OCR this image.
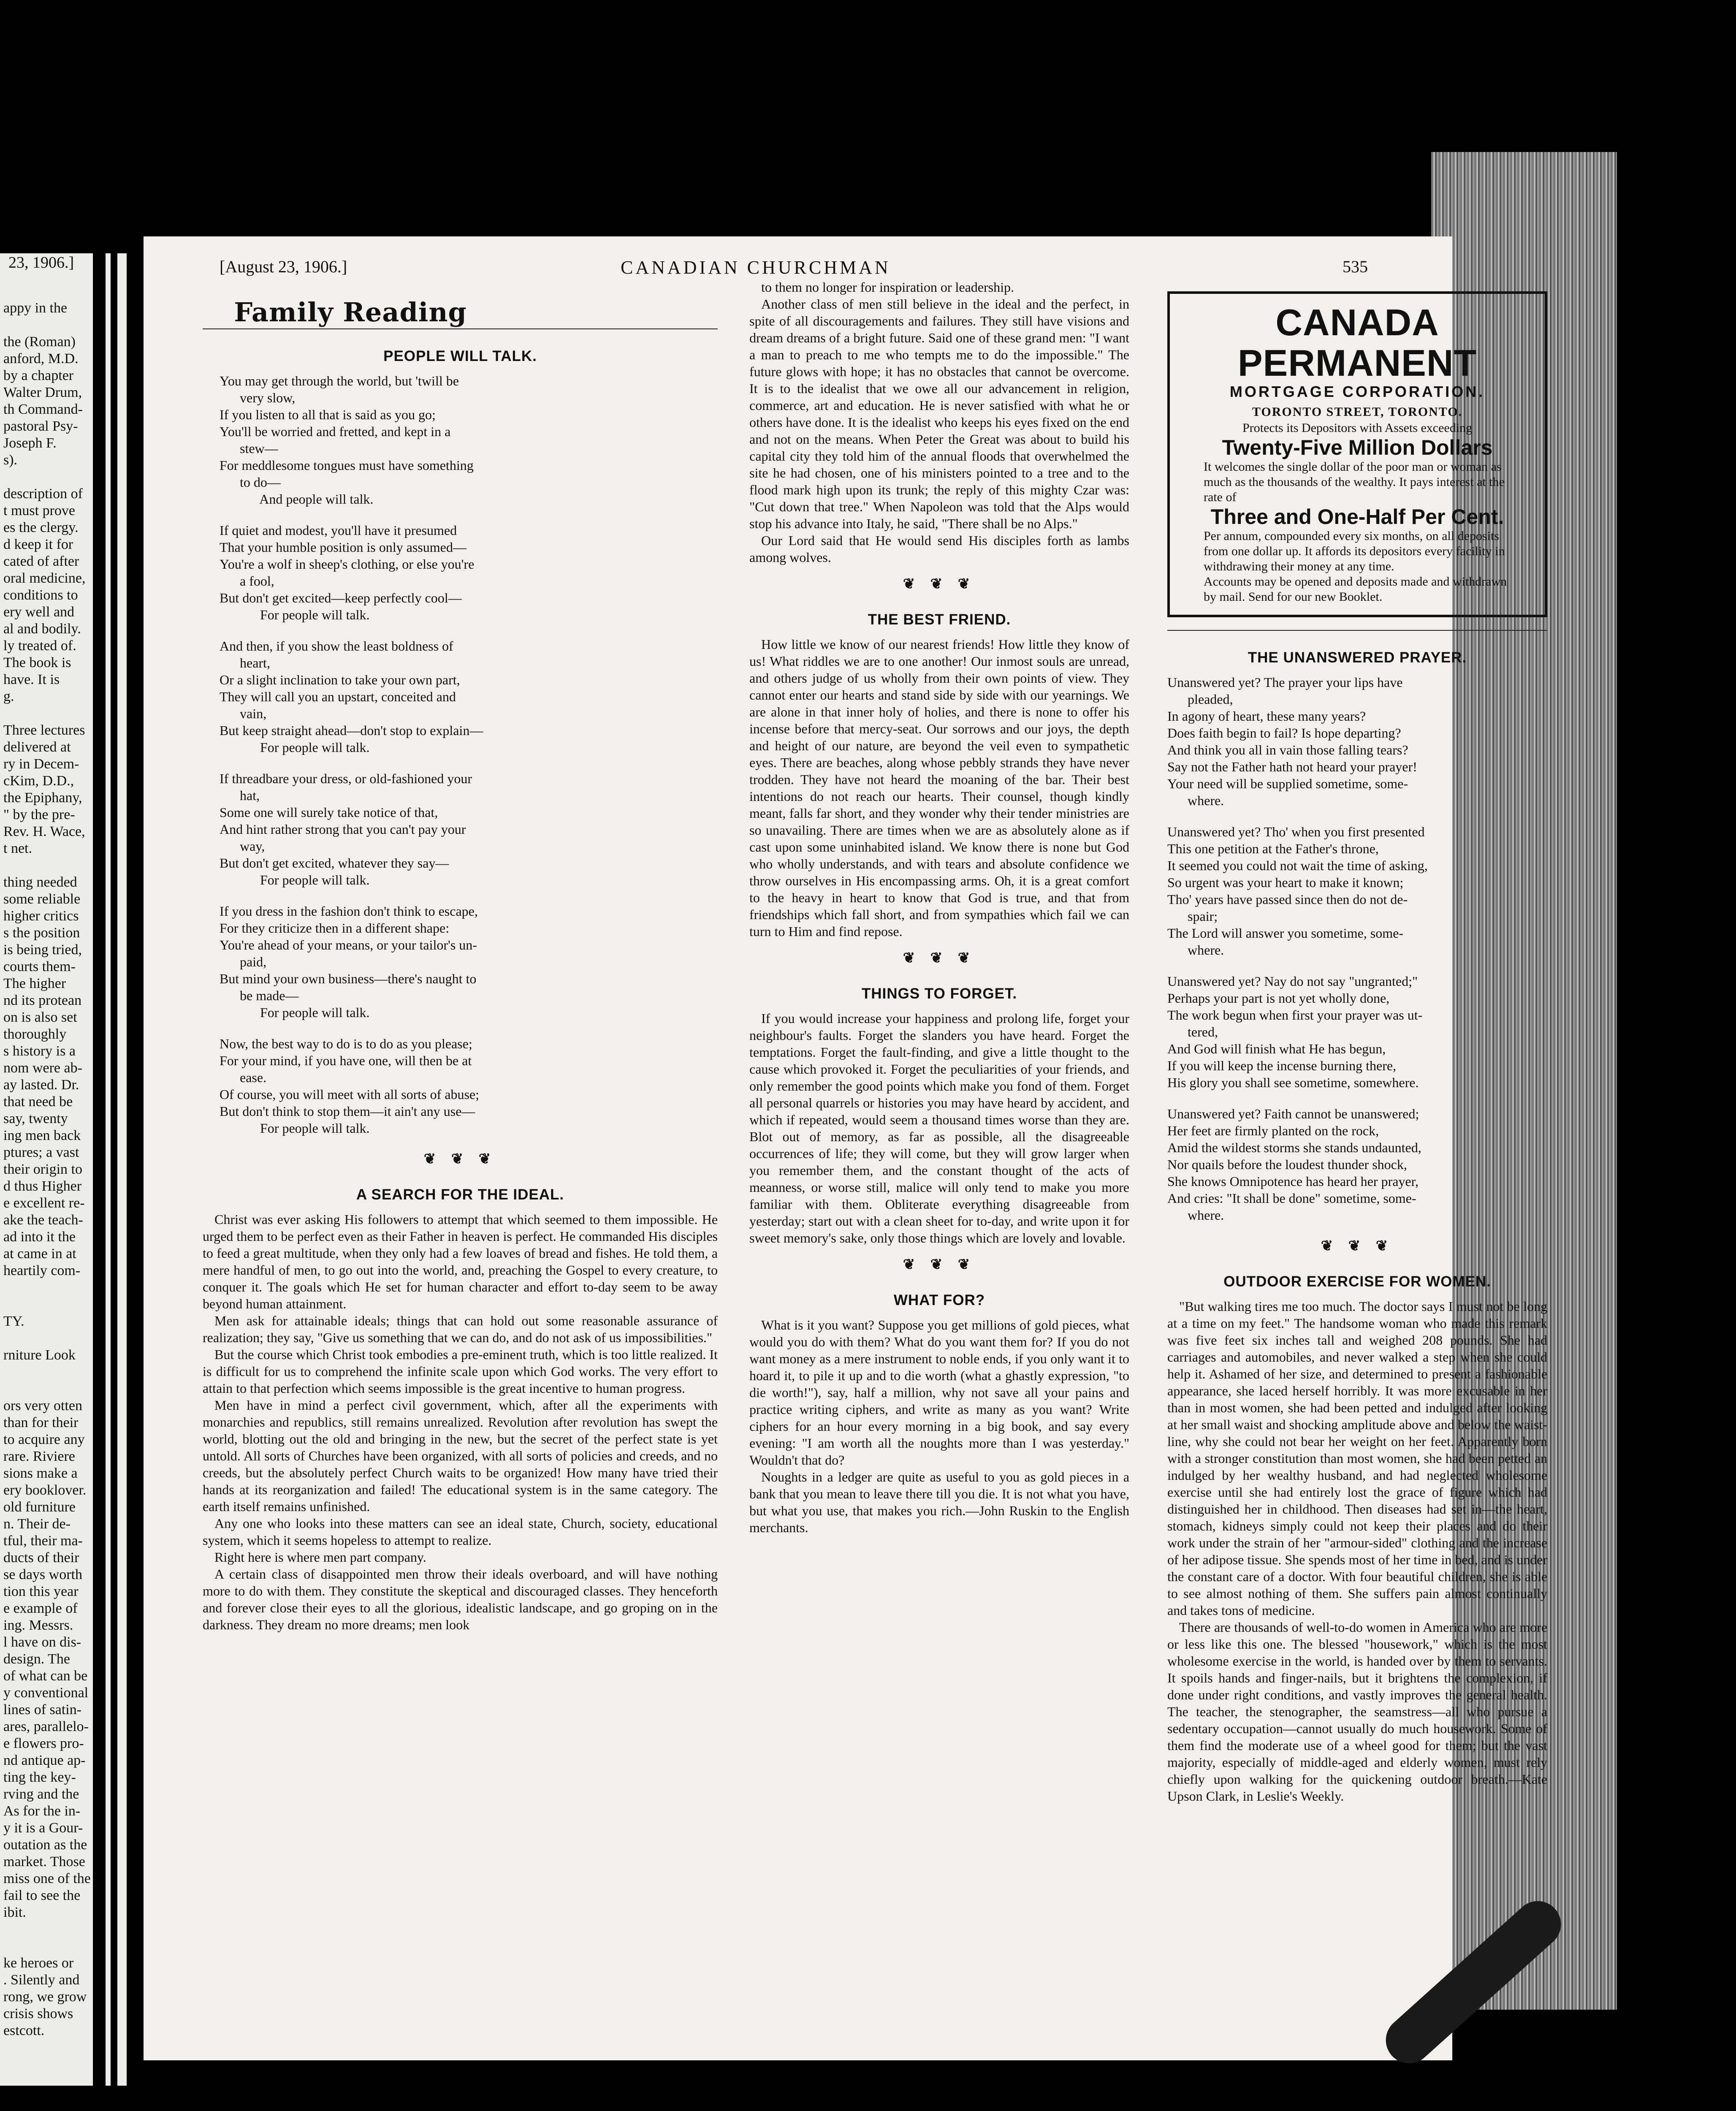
23, 1906.]
appy in the
the (Roman)
anford, M.D.
by a chapter
Walter Drum,
th Command-
pastoral Psy-
Joseph F.
s).
description of
t must prove
es the clergy.
d keep it for
cated of after
oral medicine,
conditions to
ery well and
al and bodily.
ly treated of.
The book is
have. It is
g.
Three lectures
delivered at
ry in Decem-
cKim, D.D.,
the Epiphany,
" by the pre-
Rev. H. Wace,
t net.
thing needed
some reliable
higher critics
s the position
is being tried,
courts them-
The higher
nd its protean
on is also set
thoroughly
s history is a
nom were ab-
ay lasted. Dr.
that need be
say, twenty
ing men back
ptures; a vast
their origin to
d thus Higher
e excellent re-
ake the teach-
ad into it the
at came in at
heartily com-
TY.
rniture Look
ors very otten
than for their
to acquire any
rare. Riviere
sions make a
ery booklover.
old furniture
n. Their de-
tful, their ma-
ducts of their
se days worth
tion this year
e example of
ing. Messrs.
l have on dis-
design. The
of what can be
y conventional
lines of satin-
ares, parallelo-
e flowers pro-
nd antique ap-
ting the key-
rving and the
As for the in-
y it is a Gour-
outation as the
market. Those
miss one of the
fail to see the
ibit.
ke heroes or
. Silently and
rong, we grow
crisis shows
estcott.
[August 23, 1906.]	CANADIAN CHURCHMAN	535
Family Reading
PEOPLE WILL TALK.

You may get through the world, but 'twill be
very slow,
If you listen to all that is said as you go;
You'll be worried and fretted, and kept in a
stew—
For meddlesome tongues must have something
to do—
And people will talk.

If quiet and modest, you'll have it presumed
That your humble position is only assumed—
You're a wolf in sheep's clothing, or else you're
a fool,
But don't get excited—keep perfectly cool—
For people will talk.

And then, if you show the least boldness of
heart,
Or a slight inclination to take your own part,
They will call you an upstart, conceited and
vain,
But keep straight ahead—don't stop to explain—
For people will talk.

If threadbare your dress, or old-fashioned your
hat,
Some one will surely take notice of that,
And hint rather strong that you can't pay your
way,
But don't get excited, whatever they say—
For people will talk.

If you dress in the fashion don't think to escape,
For they criticize then in a different shape:
You're ahead of your means, or your tailor's un-
paid,
But mind your own business—there's naught to
be made—
For people will talk.

Now, the best way to do is to do as you please;
For your mind, if you have one, will then be at
ease.
Of course, you will meet with all sorts of abuse;
But don't think to stop them—it ain't any use—
For people will talk.

❦ ❦ ❦
A SEARCH FOR THE IDEAL.

Christ was ever asking His followers to attempt that which seemed to them impossible. He urged them to be perfect even as their Father in heaven is perfect. He commanded His disciples to feed a great multitude, when they only had a few loaves of bread and fishes. He told them, a mere handful of men, to go out into the world, and, preaching the Gospel to every creature, to conquer it. The goals which He set for human character and effort to-day seem to be away beyond human attainment.

Men ask for attainable ideals; things that can hold out some reasonable assurance of realization; they say, "Give us something that we can do, and do not ask of us impossibilities."

But the course which Christ took embodies a pre-eminent truth, which is too little realized. It is difficult for us to comprehend the infinite scale upon which God works. The very effort to attain to that perfection which seems impossible is the great incentive to human progress.

Men have in mind a perfect civil government, which, after all the experiments with monarchies and republics, still remains unrealized. Revolution after revolution has swept the world, blotting out the old and bringing in the new, but the secret of the perfect state is yet untold. All sorts of Churches have been organized, with all sorts of policies and creeds, and no creeds, but the absolutely perfect Church waits to be organized! How many have tried their hands at its reorganization and failed! The educational system is in the same category. The earth itself remains unfinished.

Any one who looks into these matters can see an ideal state, Church, society, educational system, which it seems hopeless to attempt to realize.

Right here is where men part company.

A certain class of disappointed men throw their ideals overboard, and will have nothing more to do with them. They constitute the skeptical and discouraged classes. They henceforth and forever close their eyes to all the glorious, idealistic landscape, and go groping on in the darkness. They dream no more dreams; men look

to them no longer for inspiration or leadership.

Another class of men still believe in the ideal and the perfect, in spite of all discouragements and failures. They still have visions and dream dreams of a bright future. Said one of these grand men: "I want a man to preach to me who tempts me to do the impossible." The future glows with hope; it has no obstacles that cannot be overcome. It is to the idealist that we owe all our advancement in religion, commerce, art and education. He is never satisfied with what he or others have done. It is the idealist who keeps his eyes fixed on the end and not on the means. When Peter the Great was about to build his capital city they told him of the annual floods that overwhelmed the site he had chosen, one of his ministers pointed to a tree and to the flood mark high upon its trunk; the reply of this mighty Czar was: "Cut down that tree." When Napoleon was told that the Alps would stop his advance into Italy, he said, "There shall be no Alps."

Our Lord said that He would send His disciples forth as lambs among wolves.

❦ ❦ ❦
THE BEST FRIEND.

How little we know of our nearest friends! How little they know of us! What riddles we are to one another! Our inmost souls are unread, and others judge of us wholly from their own points of view. They cannot enter our hearts and stand side by side with our yearnings. We are alone in that inner holy of holies, and there is none to offer his incense before that mercy-seat. Our sorrows and our joys, the depth and height of our nature, are beyond the veil even to sympathetic eyes. There are beaches, along whose pebbly strands they have never trodden. They have not heard the moaning of the bar. Their best intentions do not reach our hearts. Their counsel, though kindly meant, falls far short, and they wonder why their tender ministries are so unavailing. There are times when we are as absolutely alone as if cast upon some uninhabited island. We know there is none but God who wholly understands, and with tears and absolute confidence we throw ourselves in His encompassing arms. Oh, it is a great comfort to the heavy in heart to know that God is true, and that from friendships which fall short, and from sympathies which fail we can turn to Him and find repose.

❦ ❦ ❦
THINGS TO FORGET.

If you would increase your happiness and prolong life, forget your neighbour's faults. Forget the slanders you have heard. Forget the temptations. Forget the fault-finding, and give a little thought to the cause which provoked it. Forget the peculiarities of your friends, and only remember the good points which make you fond of them. Forget all personal quarrels or histories you may have heard by accident, and which if repeated, would seem a thousand times worse than they are. Blot out of memory, as far as possible, all the disagreeable occurrences of life; they will come, but they will grow larger when you remember them, and the constant thought of the acts of meanness, or worse still, malice will only tend to make you more familiar with them. Obliterate everything disagreeable from yesterday; start out with a clean sheet for to-day, and write upon it for sweet memory's sake, only those things which are lovely and lovable.

❦ ❦ ❦
WHAT FOR?

What is it you want? Suppose you get millions of gold pieces, what would you do with them? What do you want them for? If you do not want money as a mere instrument to noble ends, if you only want it to hoard it, to pile it up and to die worth (what a ghastly expression, "to die worth!"), say, half a million, why not save all your pains and practice writing ciphers, and write as many as you want? Write ciphers for an hour every morning in a big book, and say every evening: "I am worth all the noughts more than I was yesterday." Wouldn't that do?

Noughts in a ledger are quite as useful to you as gold pieces in a bank that you mean to leave there till you die. It is not what you have, but what you use, that makes you rich.—John Ruskin to the English merchants.

CANADA PERMANENT
MORTGAGE CORPORATION.
TORONTO STREET, TORONTO.
Protects its Depositors with Assets exceeding
Twenty-Five Million Dollars
It welcomes the single dollar of the poor man or woman as much as the thousands of the wealthy. It pays interest at the rate of
Three and One-Half Per Cent.
Per annum, compounded every six months, on all deposits from one dollar up. It affords its depositors every facility in withdrawing their money at any time.
Accounts may be opened and deposits made and withdrawn by mail. Send for our new Booklet.
THE UNANSWERED PRAYER.

Unanswered yet? The prayer your lips have
pleaded,
In agony of heart, these many years?
Does faith begin to fail? Is hope departing?
And think you all in vain those falling tears?
Say not the Father hath not heard your prayer!
Your need will be supplied sometime, some-
where.

Unanswered yet? Tho' when you first presented
This one petition at the Father's throne,
It seemed you could not wait the time of asking,
So urgent was your heart to make it known;
Tho' years have passed since then do not de-
spair;
The Lord will answer you sometime, some-
where.

Unanswered yet? Nay do not say "ungranted;"
Perhaps your part is not yet wholly done,
The work begun when first your prayer was ut-
tered,
And God will finish what He has begun,
If you will keep the incense burning there,
His glory you shall see sometime, somewhere.

Unanswered yet? Faith cannot be unanswered;
Her feet are firmly planted on the rock,
Amid the wildest storms she stands undaunted,
Nor quails before the loudest thunder shock,
She knows Omnipotence has heard her prayer,
And cries: "It shall be done" sometime, some-
where.

❦ ❦ ❦
OUTDOOR EXERCISE FOR WOMEN.

"But walking tires me too much. The doctor says I must not be long at a time on my feet." The handsome woman who made this remark was five feet six inches tall and weighed 208 pounds. She had carriages and automobiles, and never walked a step when she could help it. Ashamed of her size, and determined to present a fashionable appearance, she laced herself horribly. It was more excusable in her than in most women, she had been petted and indulged after looking at her small waist and shocking amplitude above and below the waist-line, why she could not bear her weight on her feet. Apparently born with a stronger constitution than most women, she had been petted an indulged by her wealthy husband, and had neglected wholesome exercise until she had entirely lost the grace of figure which had distinguished her in childhood. Then diseases had set in—the heart, stomach, kidneys simply could not keep their places and do their work under the strain of her "armour-sided" clothing and the increase of her adipose tissue. She spends most of her time in bed, and is under the constant care of a doctor. With four beautiful children, she is able to see almost nothing of them. She suffers pain almost continually and takes tons of medicine.

There are thousands of well-to-do women in America who are more or less like this one. The blessed "housework," which is the most wholesome exercise in the world, is handed over by them to servants. It spoils hands and finger-nails, but it brightens the complexion, if done under right conditions, and vastly improves the general health. The teacher, the stenographer, the seamstress—all who pursue a sedentary occupation—cannot usually do much housework. Some of them find the moderate use of a wheel good for them; but the vast majority, especially of middle-aged and elderly women, must rely chiefly upon walking for the quickening outdoor breath.—Kate Upson Clark, in Leslie's Weekly.
